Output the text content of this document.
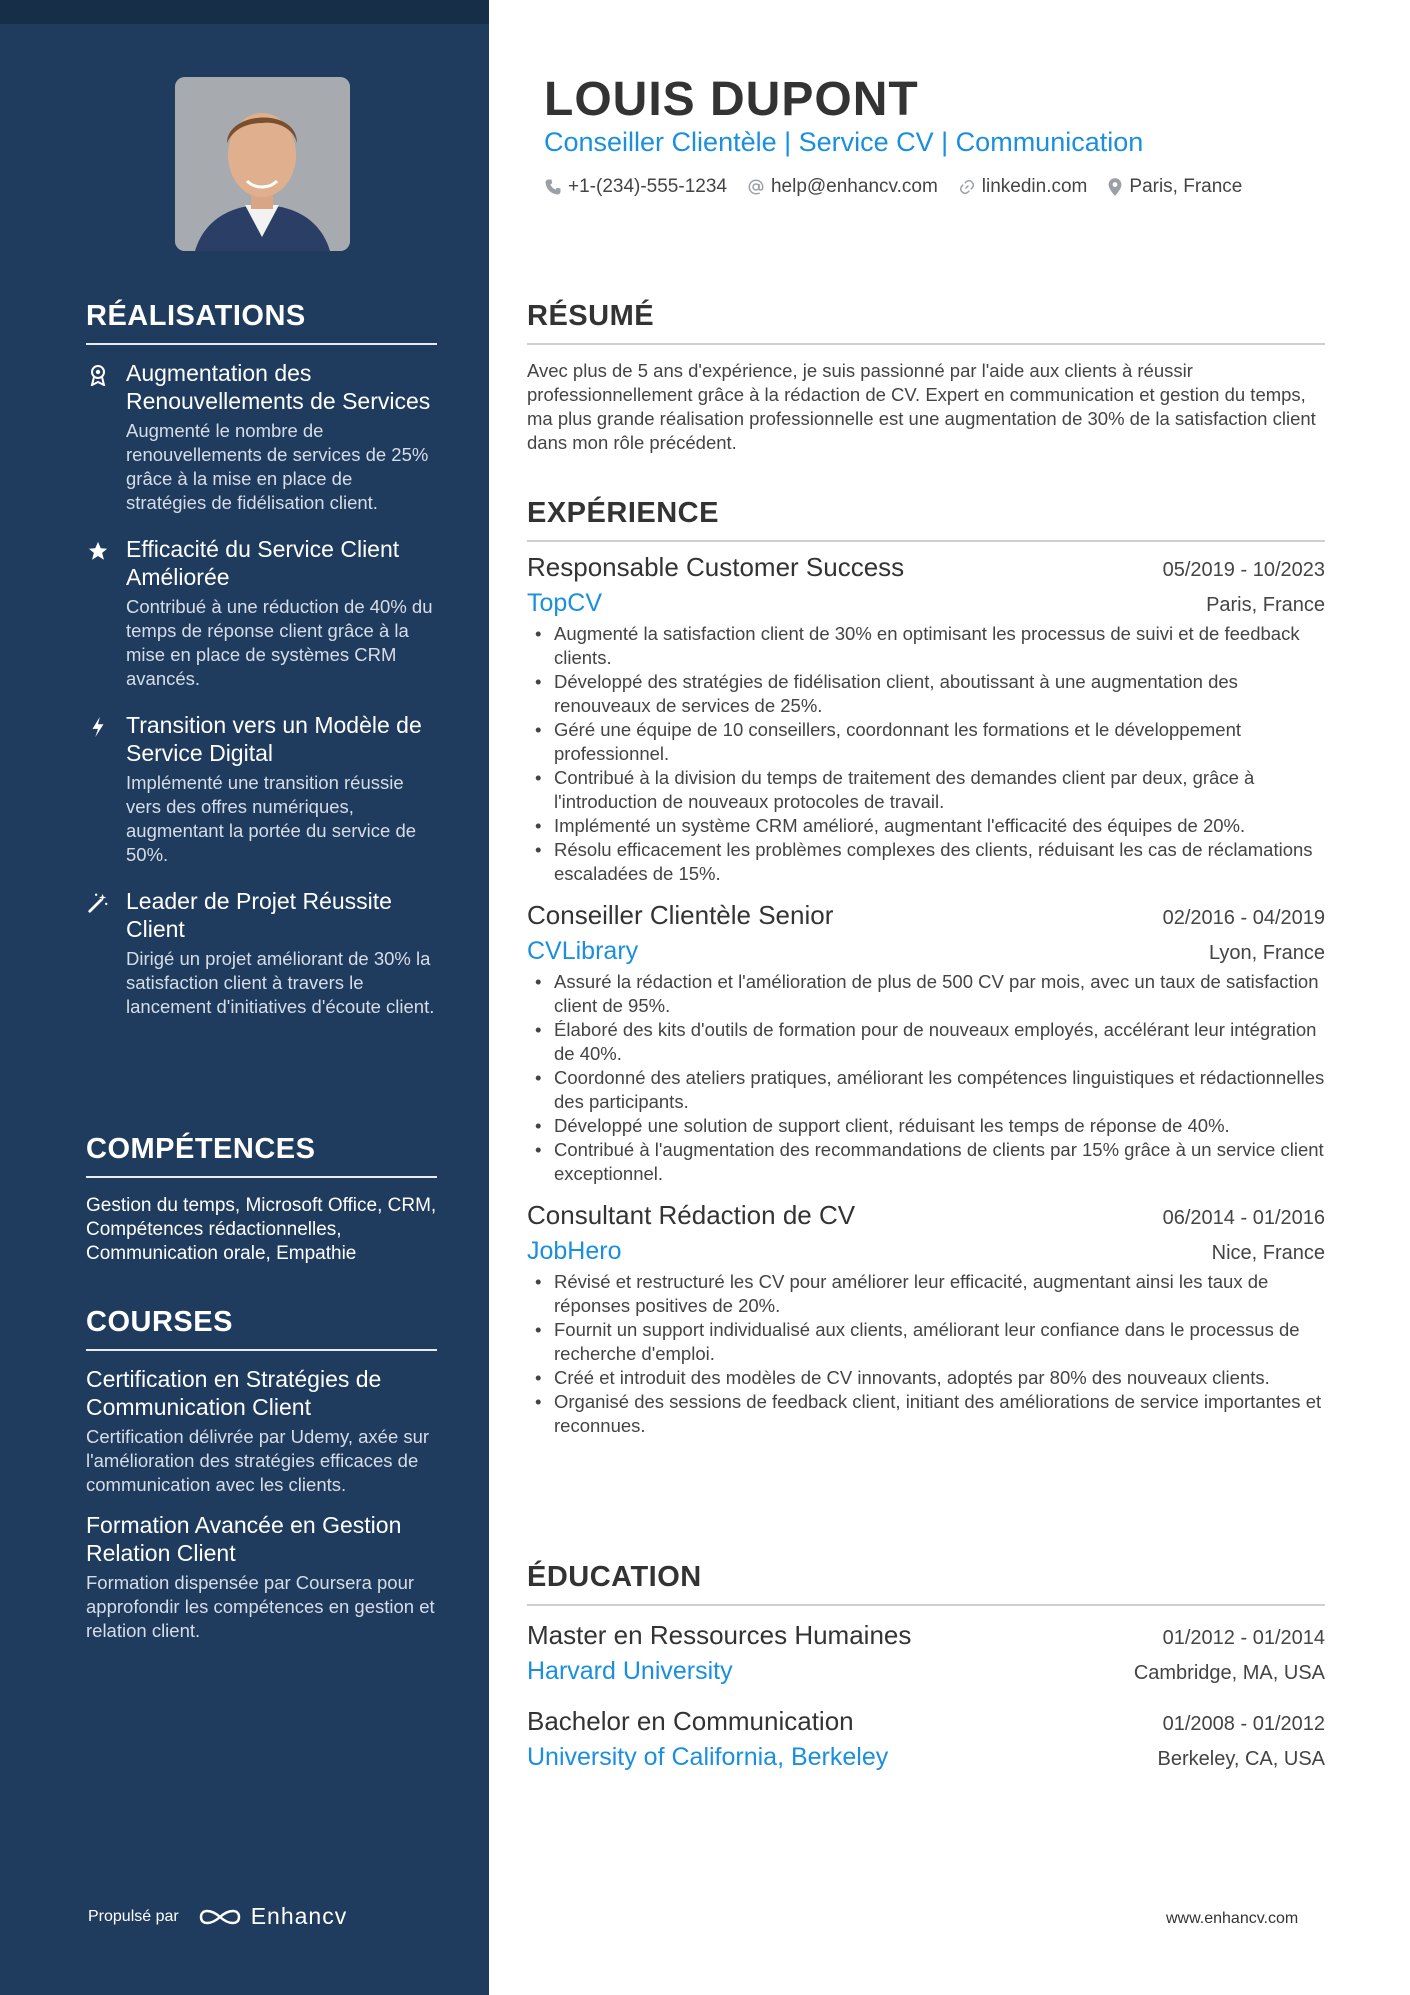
RÉALISATIONS
Augmentation des Renouvellements de Services
Augmenté le nombre de renouvellements de services de 25% grâce à la mise en place de stratégies de fidélisation client.
Efficacité du Service Client Améliorée
Contribué à une réduction de 40% du temps de réponse client grâce à la mise en place de systèmes CRM avancés.
Transition vers un Modèle de Service Digital
Implémenté une transition réussie vers des offres numériques, augmentant la portée du service de 50%.
Leader de Projet Réussite Client
Dirigé un projet améliorant de 30% la satisfaction client à travers le lancement d'initiatives d'écoute client.
COMPÉTENCES

Gestion du temps, Microsoft Office, CRM, Compétences rédactionnelles, Communication orale, Empathie

COURSES
Certification en Stratégies de Communication Client
Certification délivrée par Udemy, axée sur l'amélioration des stratégies efficaces de communication avec les clients.
Formation Avancée en Gestion Relation Client
Formation dispensée par Coursera pour approfondir les compétences en gestion et relation client.
Propulsé par	Enhancv
LOUIS DUPONT
Conseiller Clientèle | Service CV | Communication
+1-(234)-555-1234 help@enhancv.com linkedin.com Paris, France
RÉSUMÉ

Avec plus de 5 ans d'expérience, je suis passionné par l'aide aux clients à réussir professionnellement grâce à la rédaction de CV. Expert en communication et gestion du temps, ma plus grande réalisation professionnelle est une augmentation de 30% de la satisfaction client dans mon rôle précédent.

EXPÉRIENCE
Responsable Customer Success	05/2019 - 10/2023
TopCV	Paris, France
• Augmenté la satisfaction client de 30% en optimisant les processus de suivi et de feedback clients.
• Développé des stratégies de fidélisation client, aboutissant à une augmentation des renouveaux de services de 25%.
• Géré une équipe de 10 conseillers, coordonnant les formations et le développement professionnel.
• Contribué à la division du temps de traitement des demandes client par deux, grâce à l'introduction de nouveaux protocoles de travail.
• Implémenté un système CRM amélioré, augmentant l'efficacité des équipes de 20%.
• Résolu efficacement les problèmes complexes des clients, réduisant les cas de réclamations escaladées de 15%.
Conseiller Clientèle Senior	02/2016 - 04/2019
CVLibrary	Lyon, France
• Assuré la rédaction et l'amélioration de plus de 500 CV par mois, avec un taux de satisfaction client de 95%.
• Élaboré des kits d'outils de formation pour de nouveaux employés, accélérant leur intégration de 40%.
• Coordonné des ateliers pratiques, améliorant les compétences linguistiques et rédactionnelles des participants.
• Développé une solution de support client, réduisant les temps de réponse de 40%.
• Contribué à l'augmentation des recommandations de clients par 15% grâce à un service client exceptionnel.
Consultant Rédaction de CV	06/2014 - 01/2016
JobHero	Nice, France
• Révisé et restructuré les CV pour améliorer leur efficacité, augmentant ainsi les taux de réponses positives de 20%.
• Fournit un support individualisé aux clients, améliorant leur confiance dans le processus de recherche d'emploi.
• Créé et introduit des modèles de CV innovants, adoptés par 80% des nouveaux clients.
• Organisé des sessions de feedback client, initiant des améliorations de service importantes et reconnues.
ÉDUCATION
Master en Ressources Humaines	01/2012 - 01/2014
Harvard University	Cambridge, MA, USA
Bachelor en Communication	01/2008 - 01/2012
University of California, Berkeley	Berkeley, CA, USA
www.enhancv.com
